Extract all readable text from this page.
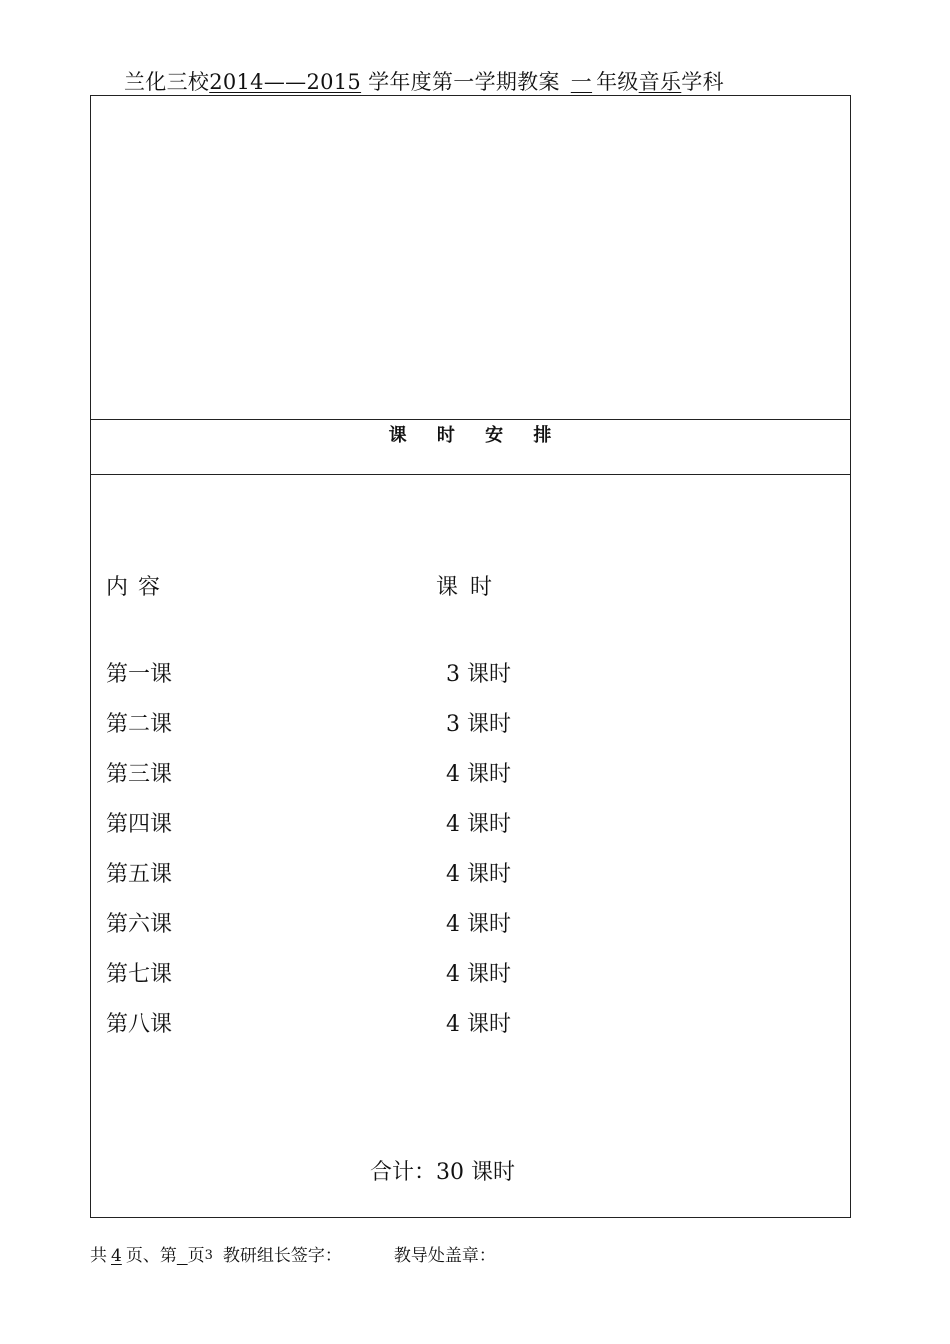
兰化三校2014——2015 学年度第一学期教案 一 年级音乐学科
课 时 安 排
内容	课时
第一课	3 课时
第二课	3 课时
第三课	4 课时
第四课	4 课时
第五课	4 课时
第六课	4 课时
第七课	4 课时
第八课	4 课时
合计：30 课时
共 4 页、第 页3 教研组长签字：	教导处盖章：
